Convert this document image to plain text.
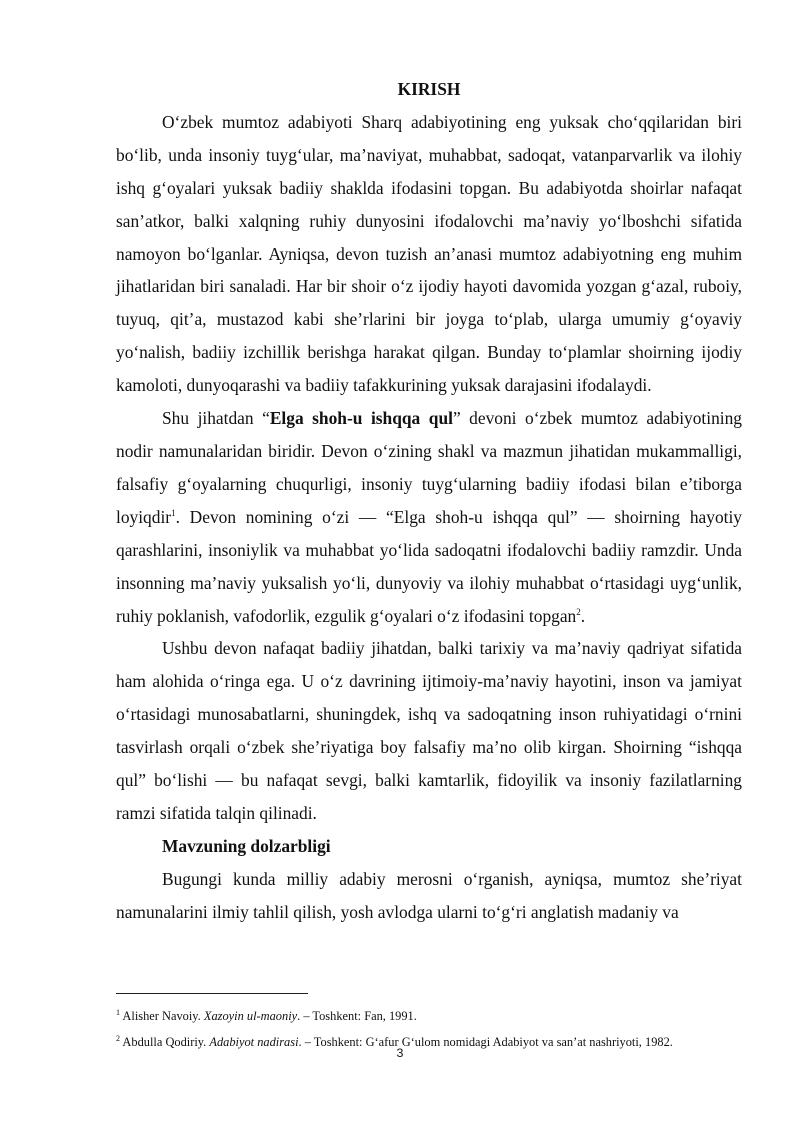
KIRISH

O‘zbek mumtoz adabiyoti Sharq adabiyotining eng yuksak cho‘qqilaridan biri bo‘lib, unda insoniy tuyg‘ular, ma’naviyat, muhabbat, sadoqat, vatanparvarlik va ilohiy ishq g‘oyalari yuksak badiiy shaklda ifodasini topgan. Bu adabiyotda shoirlar nafaqat san’atkor, balki xalqning ruhiy dunyosini ifodalovchi ma’naviy yo‘lboshchi sifatida namoyon bo‘lganlar. Ayniqsa, devon tuzish an’anasi mumtoz adabiyotning eng muhim jihatlaridan biri sanaladi. Har bir shoir o‘z ijodiy hayoti davomida yozgan g‘azal, ruboiy, tuyuq, qit’a, mustazod kabi she’rlarini bir joyga to‘plab, ularga umumiy g‘oyaviy yo‘nalish, badiiy izchillik berishga harakat qilgan. Bunday to‘plamlar shoirning ijodiy kamoloti, dunyoqarashi va badiiy tafakkurining yuksak darajasini ifodalaydi.

Shu jihatdan “Elga shoh-u ishqqa qul” devoni o‘zbek mumtoz adabiyotining nodir namunalaridan biridir. Devon o‘zining shakl va mazmun jihatidan mukammalligi, falsafiy g‘oyalarning chuqurligi, insoniy tuyg‘ularning badiiy ifodasi bilan e’tiborga loyiqdir$^1$. Devon nomining o‘zi — “Elga shoh-u ishqqa qul” — shoirning hayotiy qarashlarini, insoniylik va muhabbat yo‘lida sadoqatni ifodalovchi badiiy ramzdir. Unda insonning ma’naviy yuksalish yo‘li, dunyoviy va ilohiy muhabbat o‘rtasidagi uyg‘unlik, ruhiy poklanish, vafodorlik, ezgulik g‘oyalari o‘z ifodasini topgan$^2$.

Ushbu devon nafaqat badiiy jihatdan, balki tarixiy va ma’naviy qadriyat sifatida ham alohida o‘ringa ega. U o‘z davrining ijtimoiy-ma’naviy hayotini, inson va jamiyat o‘rtasidagi munosabatlarni, shuningdek, ishq va sadoqatning inson ruhiyatidagi o‘rnini tasvirlash orqali o‘zbek she’riyatiga boy falsafiy ma’no olib kirgan. Shoirning “ishqqa qul” bo‘lishi — bu nafaqat sevgi, balki kamtarlik, fidoyilik va insoniy fazilatlarning ramzi sifatida talqin qilinadi.

Mavzuning dolzarbligi

Bugungi kunda milliy adabiy merosni o‘rganish, ayniqsa, mumtoz she’riyat namunalarini ilmiy tahlil qilish, yosh avlodga ularni to‘g‘ri anglatish madaniy va

$^1$ Alisher Navoiy. Xazoyin ul-maoniy. – Toshkent: Fan, 1991.

$^2$ Abdulla Qodiriy. Adabiyot nadirasi. – Toshkent: G‘afur G‘ulom nomidagi Adabiyot va san’at nashriyoti, 1982.

3
